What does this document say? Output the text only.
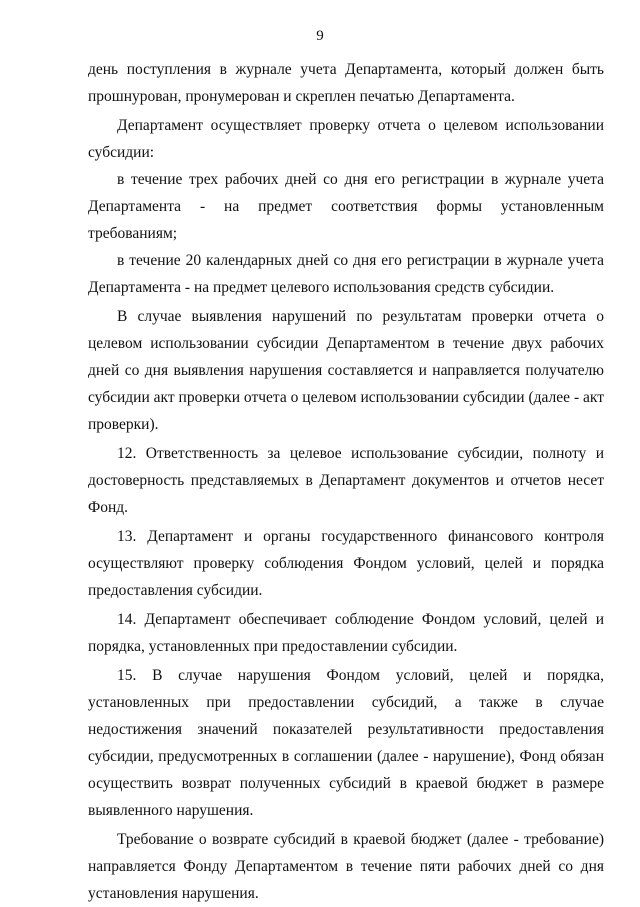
9

день поступления в журнале учета Департамента, который должен быть прошнурован, пронумерован и скреплен печатью Департамента.

Департамент осуществляет проверку отчета о целевом использовании субсидии:

в течение трех рабочих дней со дня его регистрации в журнале учета Департамента - на предмет соответствия формы установленным требованиям;

в течение 20 календарных дней со дня его регистрации в журнале учета Департамента - на предмет целевого использования средств субсидии.

В случае выявления нарушений по результатам проверки отчета о целевом использовании субсидии Департаментом в течение двух рабочих дней со дня выявления нарушения составляется и направляется получателю субсидии акт проверки отчета о целевом использовании субсидии (далее - акт проверки).

12. Ответственность за целевое использование субсидии, полноту и достоверность представляемых в Департамент документов и отчетов несет Фонд.

13. Департамент и органы государственного финансового контроля осуществляют проверку соблюдения Фондом условий, целей и порядка предоставления субсидии.

14. Департамент обеспечивает соблюдение Фондом условий, целей и порядка, установленных при предоставлении субсидии.

15. В случае нарушения Фондом условий, целей и порядка, установленных при предоставлении субсидий, а также в случае недостижения значений показателей результативности предоставления субсидии, предусмотренных в соглашении (далее - нарушение), Фонд обязан осуществить возврат полученных субсидий в краевой бюджет в размере выявленного нарушения.

Требование о возврате субсидий в краевой бюджет (далее - требование) направляется Фонду Департаментом в течение пяти рабочих дней со дня установления нарушения.
